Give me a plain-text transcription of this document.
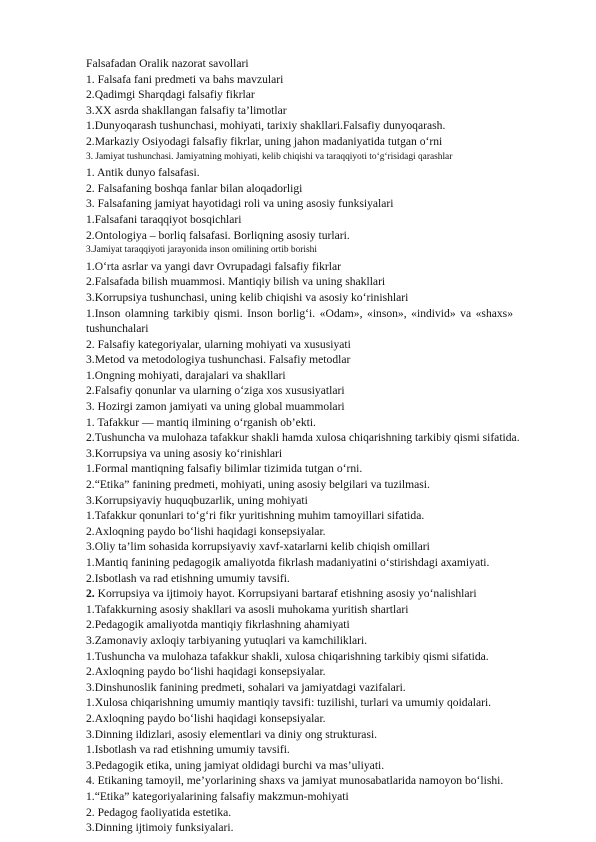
Falsafadan Oralik nazorat savollari
1. Falsafa fani predmeti va bahs mavzulari
2.Qadimgi Sharqdagi falsafiy fikrlar
3.XX asrda shakllangan falsafiy ta’limotlar
1.Dunyoqarash tushunchasi, mohiyati, tarixiy shakllari.Falsafiy dunyoqarash.
2.Markaziy Osiyodagi falsafiy fikrlar, uning jahon madaniyatida tutgan o‘rni
3. Jamiyat tushunchasi. Jamiyatning mohiyati, kelib chiqishi va taraqqiyoti to‘g‘risidagi qarashlar
1. Antik dunyo falsafasi.
2. Falsafaning boshqa fanlar bilan aloqadorligi
3. Falsafaning jamiyat hayotidagi roli va uning asosiy funksiyalari
1.Falsafani taraqqiyot bosqichlari
2.Ontologiya – borliq falsafasi. Borliqning asosiy turlari.
3.Jamiyat taraqqiyoti jarayonida inson omilining ortib borishi
1.O‘rta asrlar va yangi davr Ovrupadagi falsafiy fikrlar
2.Falsafada bilish muammosi. Mantiqiy bilish va uning shakllari
3.Korrupsiya tushunchasi, uning kelib chiqishi va asosiy ko‘rinishlari
1.Inson olamning tarkibiy qismi. Inson borlig‘i. «Odam», «inson», «individ» va «shaxs»
tushunchalari
2. Falsafiy kategoriyalar, ularning mohiyati va xususiyati
3.Metod va metodologiya tushunchasi. Falsafiy metodlar
1.Ongning mohiyati, darajalari va shakllari
2.Falsafiy qonunlar va ularning o‘ziga xos xususiyatlari
3. Hozirgi zamon jamiyati va uning global muammolari
1. Tafakkur — mantiq ilmining o‘rganish ob’ekti.
2.Tushuncha va mulohaza tafakkur shakli hamda xulosa chiqarishning tarkibiy qismi sifatida.
3.Korrupsiya va uning asosiy ko‘rinishlari
1.Formal mantiqning falsafiy bilimlar tizimida tutgan o‘rni.
2.“Etika” fanining predmeti, mohiyati, uning asosiy belgilari va tuzilmasi.
3.Korrupsiyaviy huquqbuzarlik, uning mohiyati
1.Tafakkur qonunlari to‘g‘ri fikr yuritishning muhim tamoyillari sifatida.
2.Axloqning paydo bo‘lishi haqidagi konsepsiyalar.
3.Oliy ta’lim sohasida korrupsiyaviy xavf-xatarlarni kelib chiqish omillari
1.Mantiq fanining pedagogik amaliyotda fikrlash madaniyatini o‘stirishdagi axamiyati.
2.Isbotlash va rad etishning umumiy tavsifi.
2. Korrupsiya va ijtimoiy hayot. Korrupsiyani bartaraf etishning asosiy yo‘nalishlari
1.Tafakkurning asosiy shakllari va asosli muhokama yuritish shartlari
2.Pedagogik amaliyotda mantiqiy fikrlashning ahamiyati
3.Zamonaviy axloqiy tarbiyaning yutuqlari va kamchiliklari.
1.Tushuncha va mulohaza tafakkur shakli, xulosa chiqarishning tarkibiy qismi sifatida.
2.Axloqning paydo bo‘lishi haqidagi konsepsiyalar.
3.Dinshunoslik fanining predmeti, sohalari va jamiyatdagi vazifalari.
1.Xulosa chiqarishning umumiy mantiqiy tavsifi: tuzilishi, turlari va umumiy qoidalari.
2.Axloqning paydo bo‘lishi haqidagi konsepsiyalar.
3.Dinning ildizlari, asosiy elementlari va diniy ong strukturasi.
1.Isbotlash va rad etishning umumiy tavsifi.
3.Pedagogik etika, uning jamiyat oldidagi burchi va mas’uliyati.
4. Etikaning tamoyil, me’yorlarining shaxs va jamiyat munosabatlarida namoyon bo‘lishi.
1.“Etika” kategoriyalarining falsafiy makzmun-mohiyati
2. Pedagog faoliyatida estetika.
3.Dinning ijtimoiy funksiyalari.
